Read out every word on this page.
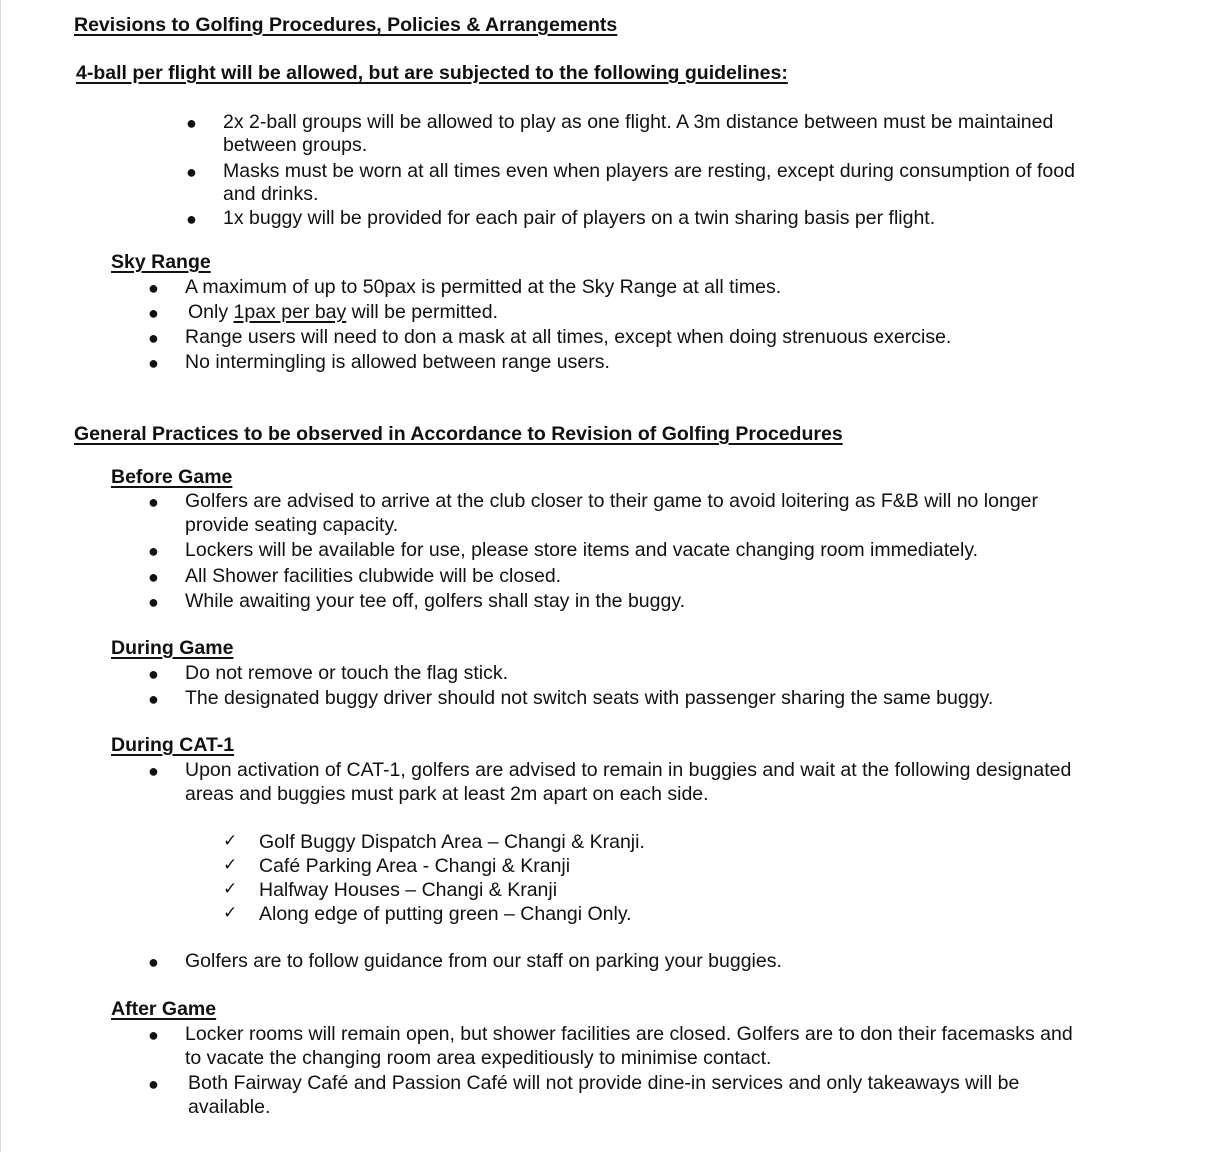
Revisions to Golfing Procedures, Policies & Arrangements
4-ball per flight will be allowed, but are subjected to the following guidelines:
● 2x 2-ball groups will be allowed to play as one flight. A 3m distance between must be maintained
between groups.
● Masks must be worn at all times even when players are resting, except during consumption of food
and drinks.
● 1x buggy will be provided for each pair of players on a twin sharing basis per flight.
Sky Range
● A maximum of up to 50pax is permitted at the Sky Range at all times.
● Only 1pax per bay will be permitted.
● Range users will need to don a mask at all times, except when doing strenuous exercise.
● No intermingling is allowed between range users.
General Practices to be observed in Accordance to Revision of Golfing Procedures
Before Game
● Golfers are advised to arrive at the club closer to their game to avoid loitering as F&B will no longer
provide seating capacity.
● Lockers will be available for use, please store items and vacate changing room immediately.
● All Shower facilities clubwide will be closed.
● While awaiting your tee off, golfers shall stay in the buggy.
During Game
● Do not remove or touch the flag stick.
● The designated buggy driver should not switch seats with passenger sharing the same buggy.
During CAT-1
● Upon activation of CAT-1, golfers are advised to remain in buggies and wait at the following designated
areas and buggies must park at least 2m apart on each side.
✓ Golf Buggy Dispatch Area – Changi & Kranji.
✓ Café Parking Area - Changi & Kranji
✓ Halfway Houses – Changi & Kranji
✓ Along edge of putting green – Changi Only.
● Golfers are to follow guidance from our staff on parking your buggies.
After Game
● Locker rooms will remain open, but shower facilities are closed. Golfers are to don their facemasks and
to vacate the changing room area expeditiously to minimise contact.
● Both Fairway Café and Passion Café will not provide dine-in services and only takeaways will be
available.
